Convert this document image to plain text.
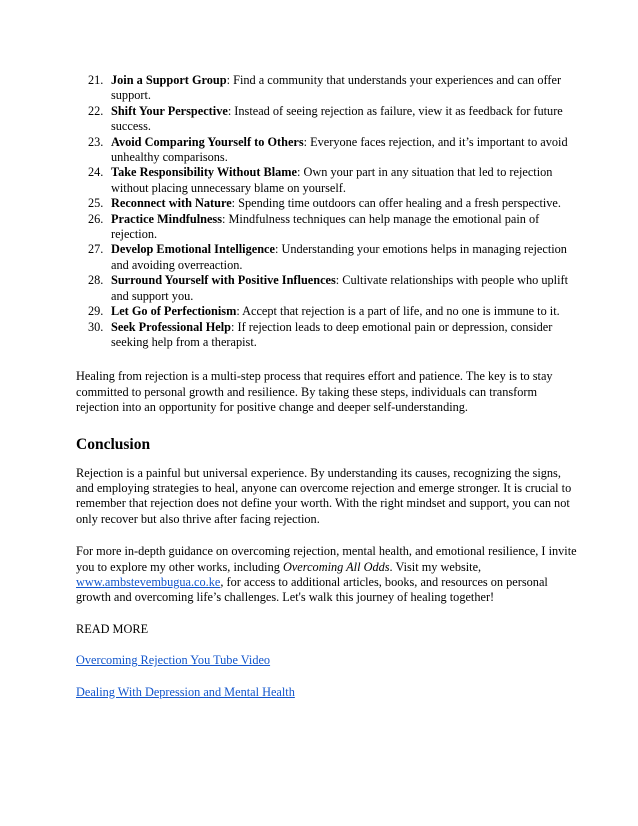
21. Join a Support Group: Find a community that understands your experiences and can offer support.
22. Shift Your Perspective: Instead of seeing rejection as failure, view it as feedback for future success.
23. Avoid Comparing Yourself to Others: Everyone faces rejection, and it’s important to avoid unhealthy comparisons.
24. Take Responsibility Without Blame: Own your part in any situation that led to rejection without placing unnecessary blame on yourself.
25. Reconnect with Nature: Spending time outdoors can offer healing and a fresh perspective.
26. Practice Mindfulness: Mindfulness techniques can help manage the emotional pain of rejection.
27. Develop Emotional Intelligence: Understanding your emotions helps in managing rejection and avoiding overreaction.
28. Surround Yourself with Positive Influences: Cultivate relationships with people who uplift and support you.
29. Let Go of Perfectionism: Accept that rejection is a part of life, and no one is immune to it.
30. Seek Professional Help: If rejection leads to deep emotional pain or depression, consider seeking help from a therapist.

Healing from rejection is a multi-step process that requires effort and patience. The key is to stay committed to personal growth and resilience. By taking these steps, individuals can transform rejection into an opportunity for positive change and deeper self-understanding.

Conclusion

Rejection is a painful but universal experience. By understanding its causes, recognizing the signs, and employing strategies to heal, anyone can overcome rejection and emerge stronger. It is crucial to remember that rejection does not define your worth. With the right mindset and support, you can not only recover but also thrive after facing rejection.

For more in-depth guidance on overcoming rejection, mental health, and emotional resilience, I invite you to explore my other works, including Overcoming All Odds. Visit my website, www.ambstevembugua.co.ke, for access to additional articles, books, and resources on personal growth and overcoming life’s challenges. Let's walk this journey of healing together!

READ MORE

Overcoming Rejection You Tube Video

Dealing With Depression and Mental Health
